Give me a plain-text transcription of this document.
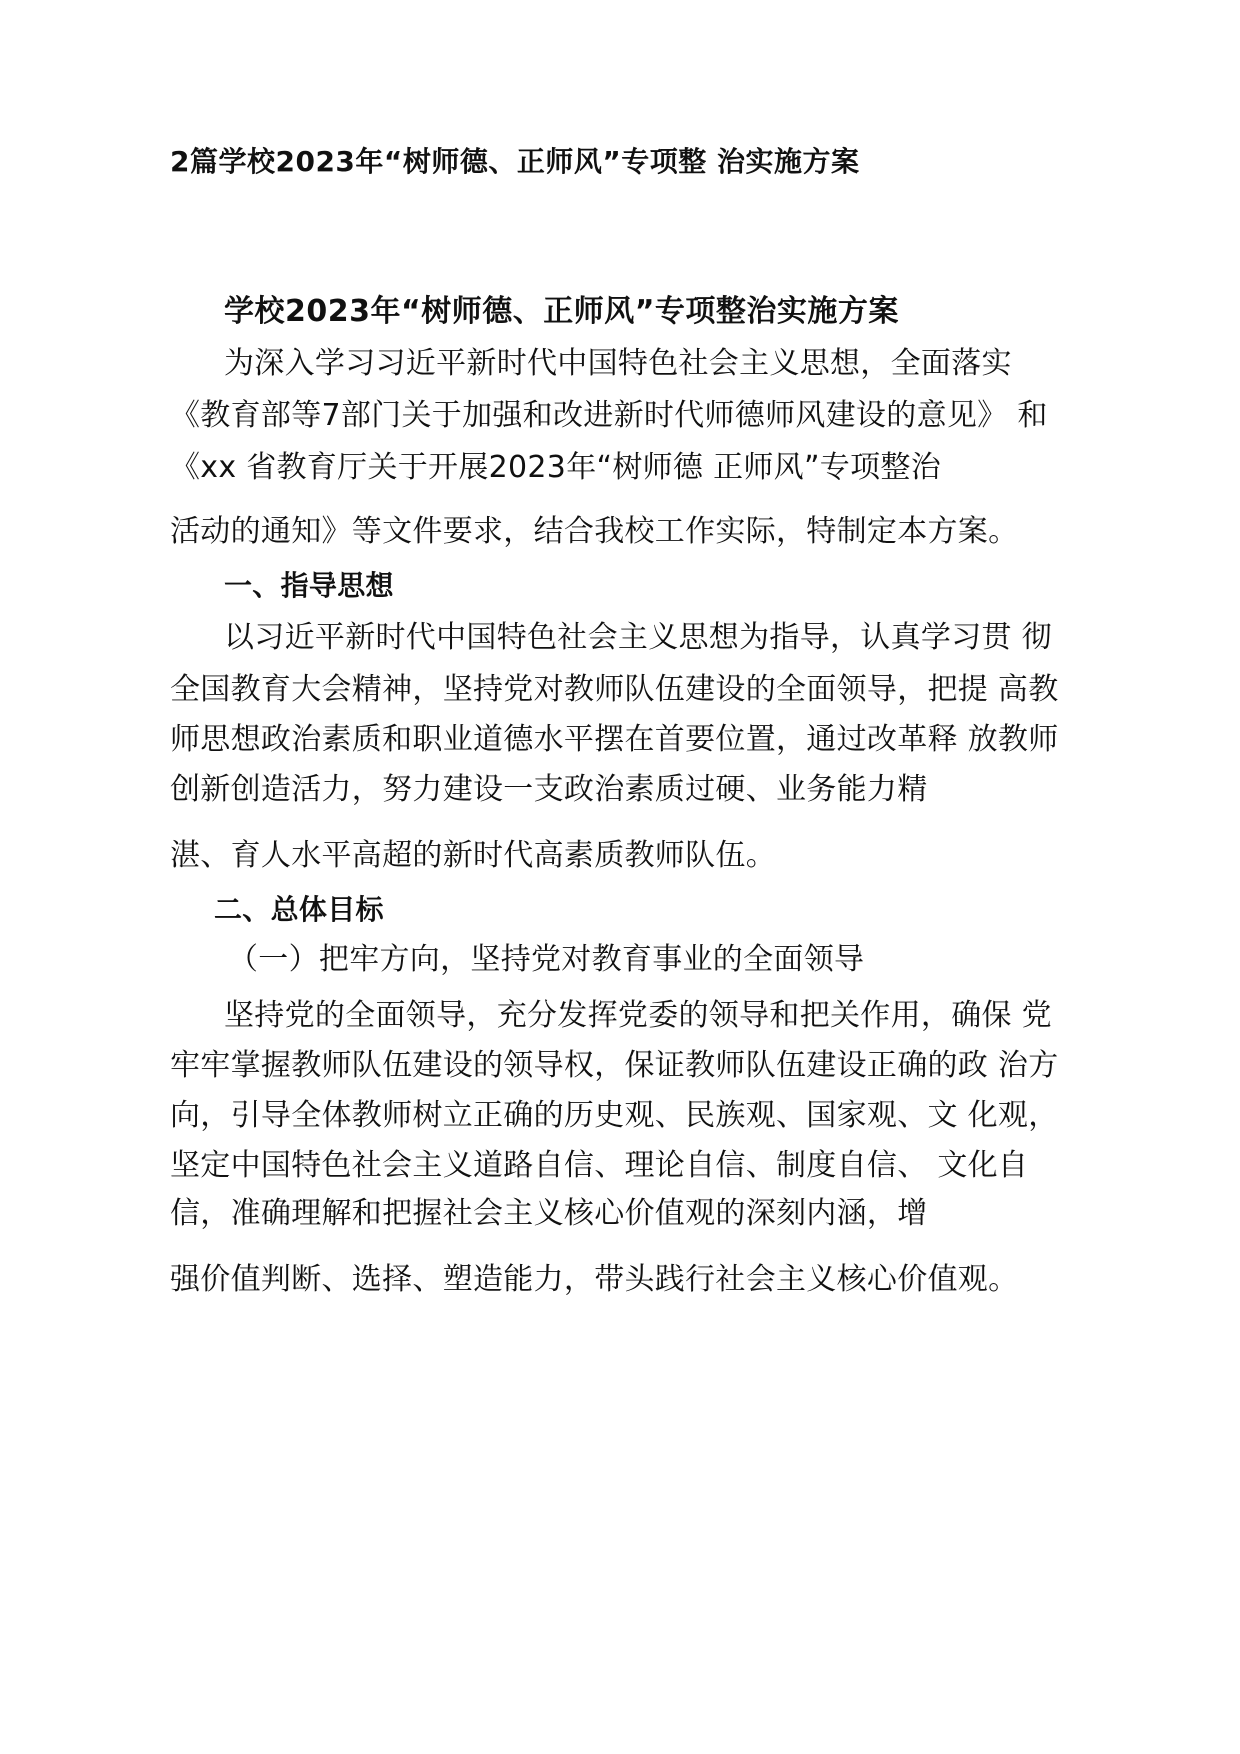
2篇学校2023年“树师德、正师风”专项整 治实施方案
学校2023年“树师德、正师风”专项整治实施方案
为深入学习习近平新时代中国特色社会主义思想，全面落实
《教育部等7部门关于加强和改进新时代师德师风建设的意见》 和
《xx 省教育厅关于开展2023年“树师德 正师风”专项整治
活动的通知》等文件要求，结合我校工作实际，特制定本方案。
一、指导思想
以习近平新时代中国特色社会主义思想为指导，认真学习贯 彻
全国教育大会精神，坚持党对教师队伍建设的全面领导，把提 高教
师思想政治素质和职业道德水平摆在首要位置，通过改革释 放教师
创新创造活力，努力建设一支政治素质过硬、业务能力精
湛、育人水平高超的新时代高素质教师队伍。
二、总体目标
（一）把牢方向，坚持党对教育事业的全面领导
坚持党的全面领导，充分发挥党委的领导和把关作用，确保 党
牢牢掌握教师队伍建设的领导权，保证教师队伍建设正确的政 治方
向，引导全体教师树立正确的历史观、民族观、国家观、文 化观，
坚定中国特色社会主义道路自信、理论自信、制度自信、 文化自
信，准确理解和把握社会主义核心价值观的深刻内涵，增
强价值判断、选择、塑造能力，带头践行社会主义核心价值观。
